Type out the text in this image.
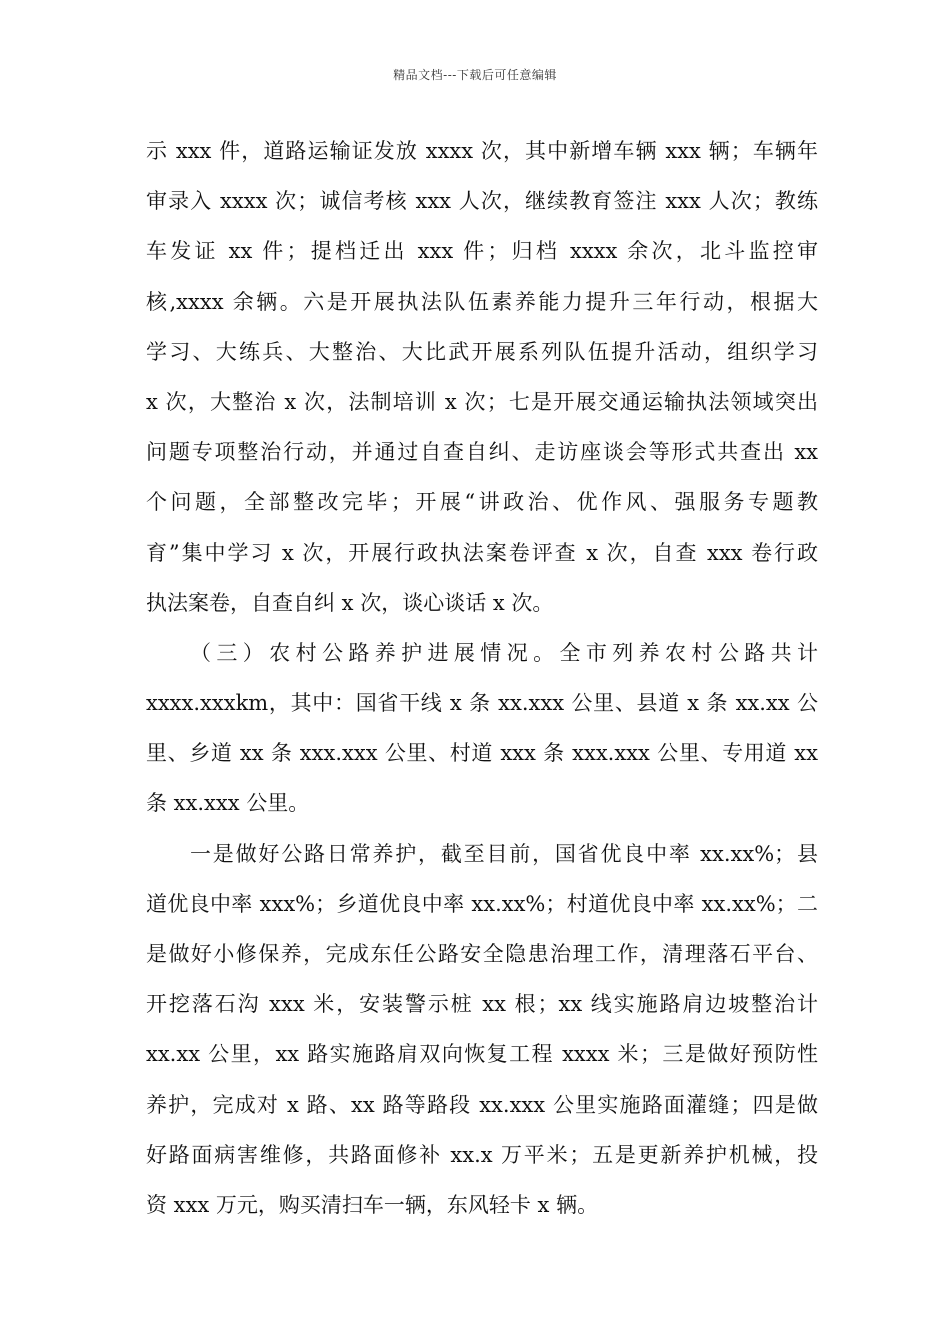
精品文档---下载后可任意编辑
示 xxx 件，道路运输证发放 xxxx 次，其中新增车辆 xxx 辆；车辆年
审录入 xxxx 次；诚信考核 xxx 人次，继续教育签注 xxx 人次；教练
车发证 xx 件；提档迁出 xxx 件；归档 xxxx 余次，北斗监控审
核,xxxx 余辆。六是开展执法队伍素养能力提升三年行动，根据大
学习、大练兵、大整治、大比武开展系列队伍提升活动，组织学习
x 次，大整治 x 次，法制培训 x 次；七是开展交通运输执法领域突出
问题专项整治行动，并通过自查自纠、走访座谈会等形式共查出 xx
个问题，全部整改完毕；开展“讲政治、优作风、强服务专题教
育”集中学习 x 次，开展行政执法案卷评查 x 次，自查 xxx 卷行政
执法案卷，自查自纠 x 次，谈心谈话 x 次。
（三）农村公路养护进展情况。全市列养农村公路共计
xxxx.xxxkm，其中：国省干线 x 条 xx.xxx 公里、县道 x 条 xx.xx 公
里、乡道 xx 条 xxx.xxx 公里、村道 xxx 条 xxx.xxx 公里、专用道 xx
条 xx.xxx 公里。
一是做好公路日常养护，截至目前，国省优良中率 xx.xx%；县
道优良中率 xxx%；乡道优良中率 xx.xx%；村道优良中率 xx.xx%；二
是做好小修保养，完成东任公路安全隐患治理工作，清理落石平台、
开挖落石沟 xxx 米，安装警示桩 xx 根；xx 线实施路肩边坡整治计
xx.xx 公里，xx 路实施路肩双向恢复工程 xxxx 米；三是做好预防性
养护，完成对 x 路、xx 路等路段 xx.xxx 公里实施路面灌缝；四是做
好路面病害维修，共路面修补 xx.x 万平米；五是更新养护机械，投
资 xxx 万元，购买清扫车一辆，东风轻卡 x 辆。
